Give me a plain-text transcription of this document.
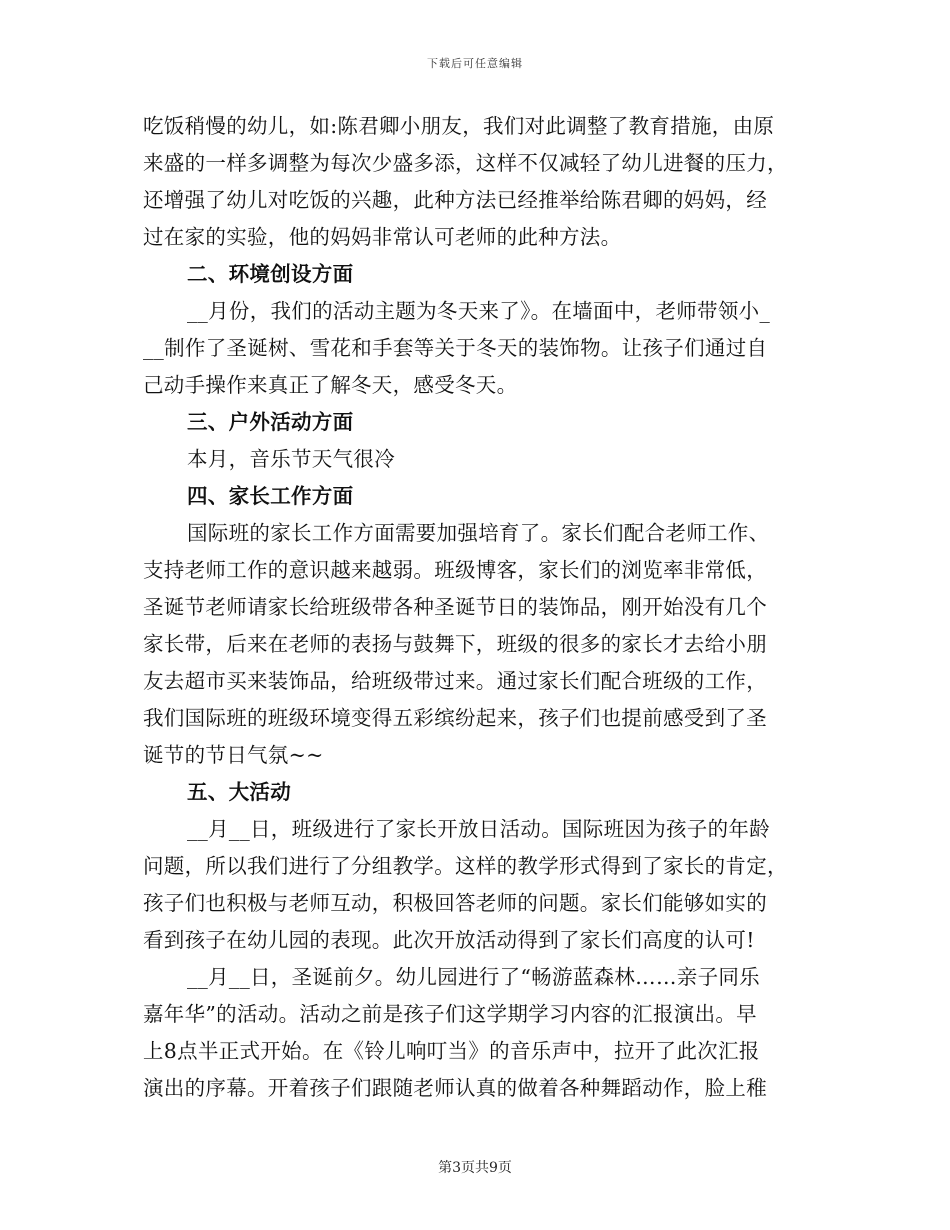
下载后可任意编辑
吃饭稍慢的幼儿，如:陈君卿小朋友，我们对此调整了教育措施，由原
来盛的一样多调整为每次少盛多添，这样不仅减轻了幼儿进餐的压力，
还增强了幼儿对吃饭的兴趣，此种方法已经推举给陈君卿的妈妈，经
过在家的实验，他的妈妈非常认可老师的此种方法。
二、环境创设方面
__月份，我们的活动主题为冬天来了》。在墙面中，老师带领小_
__制作了圣诞树、雪花和手套等关于冬天的装饰物。让孩子们通过自
己动手操作来真正了解冬天，感受冬天。
三、户外活动方面
本月，音乐节天气很冷
四、家长工作方面
国际班的家长工作方面需要加强培育了。家长们配合老师工作、
支持老师工作的意识越来越弱。班级博客，家长们的浏览率非常低，
圣诞节老师请家长给班级带各种圣诞节日的装饰品，刚开始没有几个
家长带，后来在老师的表扬与鼓舞下，班级的很多的家长才去给小朋
友去超市买来装饰品，给班级带过来。通过家长们配合班级的工作，
我们国际班的班级环境变得五彩缤纷起来，孩子们也提前感受到了圣
诞节的节日气氛~~
五、大活动
__月__日，班级进行了家长开放日活动。国际班因为孩子的年龄
问题，所以我们进行了分组教学。这样的教学形式得到了家长的肯定，
孩子们也积极与老师互动，积极回答老师的问题。家长们能够如实的
看到孩子在幼儿园的表现。此次开放活动得到了家长们高度的认可!
__月__日，圣诞前夕。幼儿园进行了“畅游蓝森林……亲子同乐
嘉年华”的活动。活动之前是孩子们这学期学习内容的汇报演出。早
上8点半正式开始。在《铃儿响叮当》的音乐声中，拉开了此次汇报
演出的序幕。开着孩子们跟随老师认真的做着各种舞蹈动作，脸上稚
第3页共9页
